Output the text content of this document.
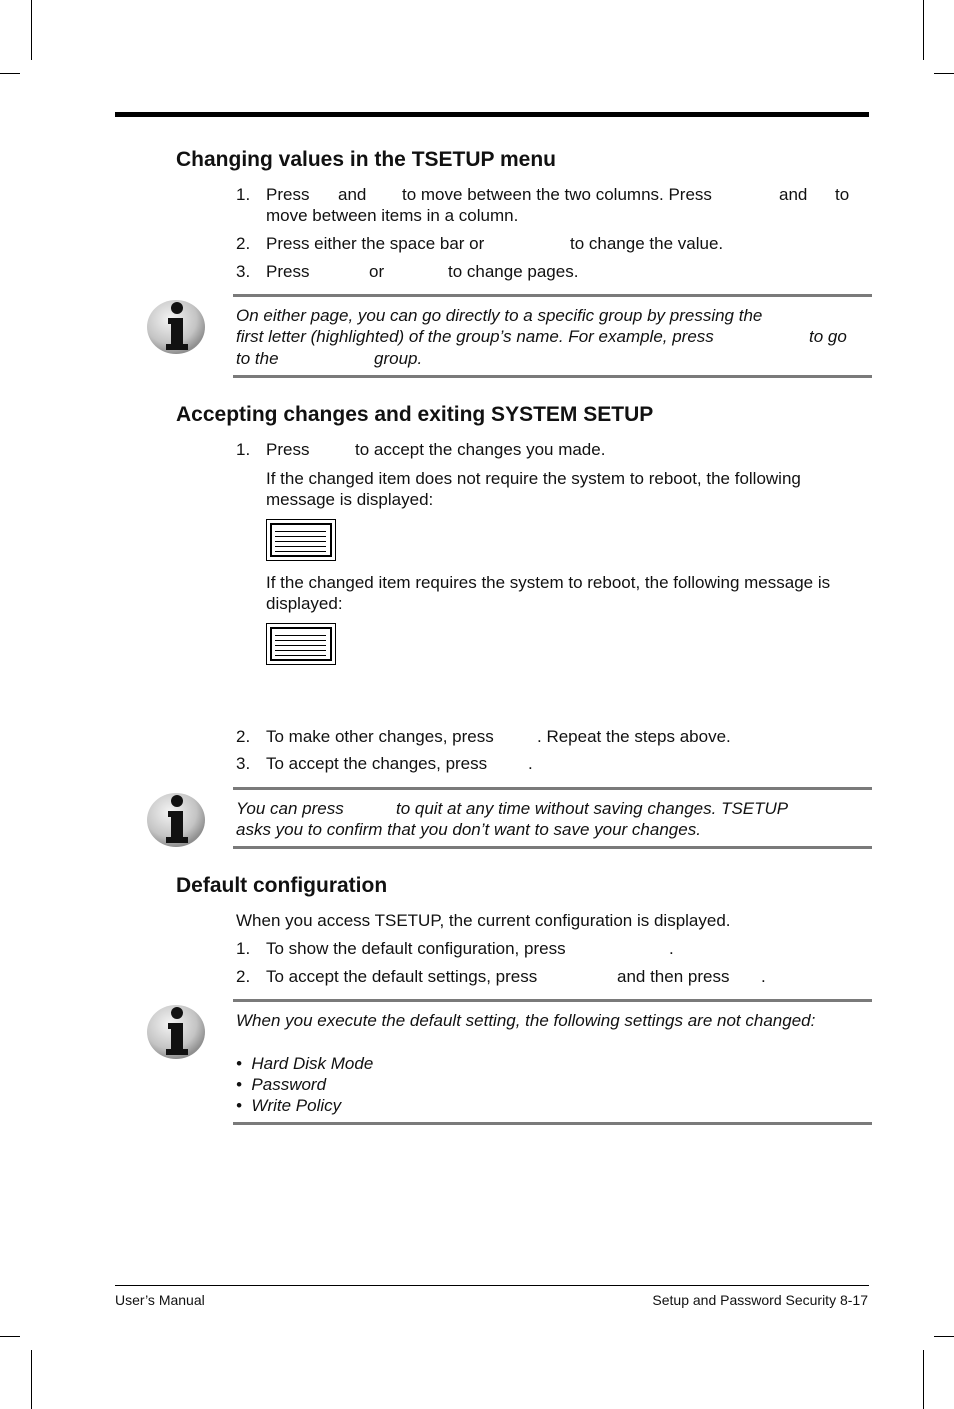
Changing values in the TSETUP menu
1. Press and to move between the two columns. Press	and to
move between items in a column.
2. Press either the space bar or	to change the value.
3. Press	or	to change pages.
On either page, you can go directly to a specific group by pressing the
first letter (highlighted) of the group’s name. For example, press	to go
to the	group.
Accepting changes and exiting SYSTEM SETUP
1. Press	to accept the changes you made.
If the changed item does not require the system to reboot, the following message is displayed:
If the changed item requires the system to reboot, the following message is displayed:
2. To make other changes, press	. Repeat the steps above.
3. To accept the changes, press .
You can press	to quit at any time without saving changes. TSETUP
asks you to confirm that you don’t want to save your changes.
Default configuration
When you access TSETUP, the current configuration is displayed.
1. To show the default configuration, press	.
2. To accept the default settings, press	and then press .
When you execute the default setting, the following settings are not changed:
•  Hard Disk Mode
•  Password
•  Write Policy
User’s Manual	Setup and Password Security 8-17
